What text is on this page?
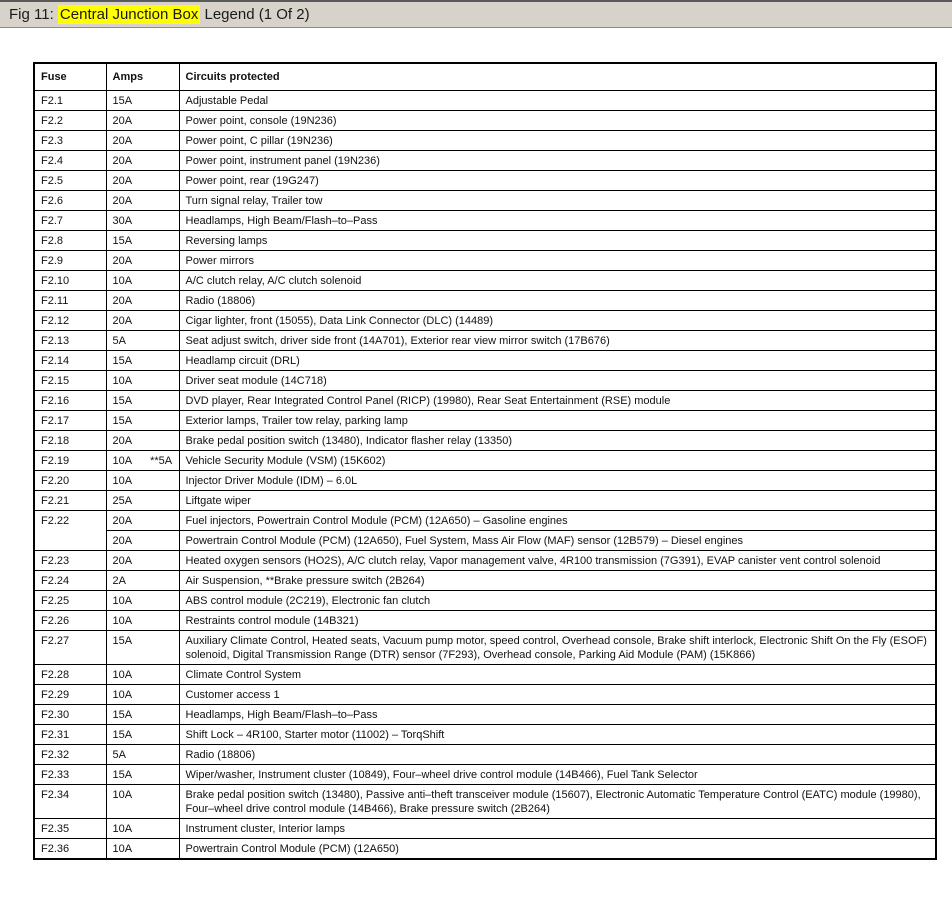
Fig 11: Central Junction Box Legend (1 Of 2)
Fuse	Amps	Circuits protected
F2.1	15A	Adjustable Pedal
F2.2	20A	Power point, console (19N236)
F2.3	20A	Power point, C pillar (19N236)
F2.4	20A	Power point, instrument panel (19N236)
F2.5	20A	Power point, rear (19G247)
F2.6	20A	Turn signal relay, Trailer tow
F2.7	30A	Headlamps, High Beam/Flash–to–Pass
F2.8	15A	Reversing lamps
F2.9	20A	Power mirrors
F2.10	10A	A/C clutch relay, A/C clutch solenoid
F2.11	20A	Radio (18806)
F2.12	20A	Cigar lighter, front (15055), Data Link Connector (DLC) (14489)
F2.13	5A	Seat adjust switch, driver side front (14A701), Exterior rear view mirror switch (17B676)
F2.14	15A	Headlamp circuit (DRL)
F2.15	10A	Driver seat module (14C718)
F2.16	15A	DVD player, Rear Integrated Control Panel (RICP) (19980), Rear Seat Entertainment (RSE) module
F2.17	15A	Exterior lamps, Trailer tow relay, parking lamp
F2.18	20A	Brake pedal position switch (13480), Indicator flasher relay (13350)
F2.19	10A **5A	Vehicle Security Module (VSM) (15K602)
F2.20	10A	Injector Driver Module (IDM) – 6.0L
F2.21	25A	Liftgate wiper
F2.22	20A	Fuel injectors, Powertrain Control Module (PCM) (12A650) – Gasoline engines
	20A	Powertrain Control Module (PCM) (12A650), Fuel System, Mass Air Flow (MAF) sensor (12B579) – Diesel engines
F2.23	20A	Heated oxygen sensors (HO2S), A/C clutch relay, Vapor management valve, 4R100 transmission (7G391), EVAP canister vent control solenoid
F2.24	2A	Air Suspension, **Brake pressure switch (2B264)
F2.25	10A	ABS control module (2C219), Electronic fan clutch
F2.26	10A	Restraints control module (14B321)
F2.27	15A	Auxiliary Climate Control, Heated seats, Vacuum pump motor, speed control, Overhead console, Brake shift interlock, Electronic Shift On the Fly (ESOF) solenoid, Digital Transmission Range (DTR) sensor (7F293), Overhead console, Parking Aid Module (PAM) (15K866)
F2.28	10A	Climate Control System
F2.29	10A	Customer access 1
F2.30	15A	Headlamps, High Beam/Flash–to–Pass
F2.31	15A	Shift Lock – 4R100, Starter motor (11002) – TorqShift
F2.32	5A	Radio (18806)
F2.33	15A	Wiper/washer, Instrument cluster (10849), Four–wheel drive control module (14B466), Fuel Tank Selector
F2.34	10A	Brake pedal position switch (13480), Passive anti–theft transceiver module (15607), Electronic Automatic Temperature Control (EATC) module (19980), Four–wheel drive control module (14B466), Brake pressure switch (2B264)
F2.35	10A	Instrument cluster, Interior lamps
F2.36	10A	Powertrain Control Module (PCM) (12A650)
